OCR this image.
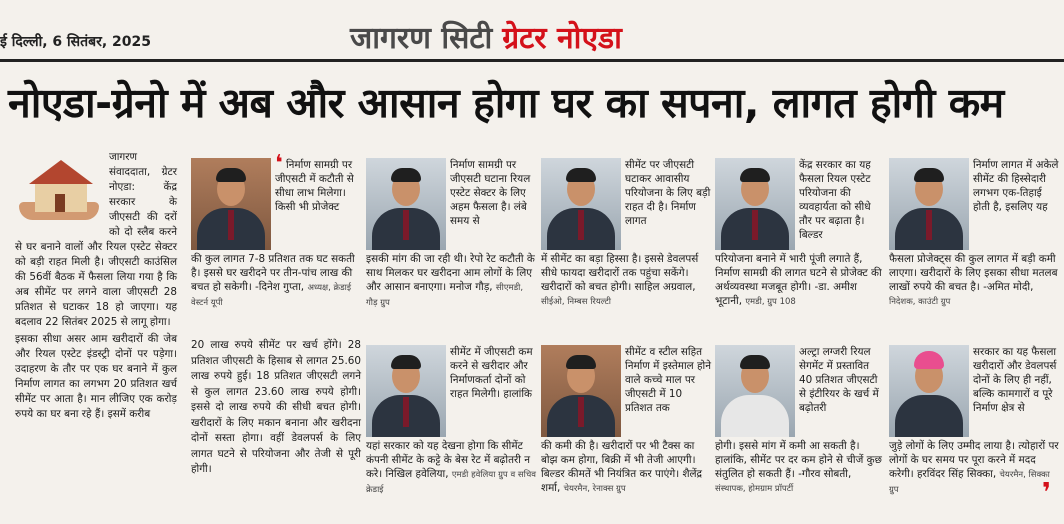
ई दिल्ली, 6 सितंबर, 2025	जागरण सिटी ग्रेटर नोएडा
नोएडा-ग्रेनो में अब और आसान होगा घर का सपना, लागत होगी कम

जागरण संवाददाता, ग्रेटर नोएडा: केंद्र सरकार के जीएसटी की दरों को दो स्लैब करने से घर बनाने वालों और रियल एस्टेट सेक्टर को बड़ी राहत मिली है। जीएसटी काउंसिल की 56वीं बैठक में फैसला लिया गया है कि अब सीमेंट पर लगने वाला जीएसटी 28 प्रतिशत से घटाकर 18 हो जाएगा। यह बदलाव 22 सितंबर 2025 से लागू होगा।

इसका सीधा असर आम खरीदारों की जेब और रियल एस्टेट इंडस्ट्री दोनों पर पड़ेगा। उदाहरण के तौर पर एक घर बनाने में कुल निर्माण लागत का लगभग 20 प्रतिशत खर्च सीमेंट पर आता है। मान लीजिए एक करोड़ रुपये का घर बना रहे हैं। इसमें करीब

20 लाख रुपये सीमेंट पर खर्च होंगे। 28 प्रतिशत जीएसटी के हिसाब से लागत 25.60 लाख रुपये हुई। 18 प्रतिशत जीएसटी लगने से कुल लागत 23.60 लाख रुपये होगी। इससे दो लाख रुपये की सीधी बचत होगी। खरीदारों के लिए मकान बनाना और खरीदना दोनों सस्ता होगा। वहीं डेवलपर्स के लिए लागत घटने से परियोजना और तेजी से पूरी होगी।
❛ निर्माण सामग्री पर जीएसटी में कटौती से सीधा लाभ मिलेगा। किसी भी प्रोजेक्ट
की कुल लागत 7-8 प्रतिशत तक घट सकती है। इससे घर खरीदने पर तीन-पांच लाख की बचत हो सकेगी। -दिनेश गुप्ता, अध्यक्ष, क्रेडाई वेस्टर्न यूपी
निर्माण सामग्री पर जीएसटी घटाना रियल एस्टेट सेक्टर के लिए अहम फैसला है। लंबे समय से
इसकी मांग की जा रही थी। रेपो रेट कटौती के साथ मिलकर घर खरीदना आम लोगों के लिए और आसान बनाएगा। मनोज गौड़, सीएमडी, गौड़ ग्रुप
सीमेंट पर जीएसटी घटाकर आवासीय परियोजना के लिए बड़ी राहत दी है। निर्माण लागत
में सीमेंट का बड़ा हिस्सा है। इससे डेवलपर्स सीधे फायदा खरीदारों तक पहुंचा सकेंगे। खरीदारों को बचत होगी। साहिल अग्रवाल, सीईओ, निम्बस रियल्टी
केंद्र सरकार का यह फैसला रियल एस्टेट परियोजना की व्यवहार्यता को सीधे तौर पर बढ़ाता है। बिल्डर
परियोजना बनाने में भारी पूंजी लगाते हैं, निर्माण सामग्री की लागत घटने से प्रोजेक्ट की अर्थव्यवस्था मजबूत होगी। -डा. अमीश भूटानी, एमडी, ग्रुप 108
निर्माण लागत में अकेले सीमेंट की हिस्सेदारी लगभग एक-तिहाई होती है, इसलिए यह
फैसला प्रोजेक्ट्स की कुल लागत में बड़ी कमी लाएगा। खरीदारों के लिए इसका सीधा मतलब लाखों रुपये की बचत है। -अमित मोदी, निदेशक, काउंटी ग्रुप
सीमेंट में जीएसटी कम करने से खरीदार और निर्माणकर्ता दोनों को राहत मिलेगी। हालांकि
यहां सरकार को यह देखना होगा कि सीमेंट कंपनी सीमेंट के कट्टे के बेस रेट में बढ़ोतरी न करे। निखिल हवेलिया, एमडी हवेलिया ग्रुप व सचिव क्रेडाई
सीमेंट व स्टील सहित निर्माण में इस्तेमाल होने वाले कच्चे माल पर जीएसटी में 10 प्रतिशत तक
की कमी की है। खरीदारों पर भी टैक्स का बोझ कम होगा, बिक्री में भी तेजी आएगी। बिल्डर कीमतें भी नियंत्रित कर पाएंगे। शैलेंद्र शर्मा, चेयरमैन, रेनाक्स ग्रुप
अल्ट्रा लग्जरी रियल सेगमेंट में प्रस्तावित 40 प्रतिशत जीएसटी से इंटीरियर के खर्च में बढ़ोतरी
होगी। इससे मांग में कमी आ सकती है। हालांकि, सीमेंट पर दर कम होने से चीजें कुछ संतुलित हो सकती हैं। -गौरव सोबती, संस्थापक, होमग्राम प्रॉपर्टी
सरकार का यह फैसला खरीदारों और डेवलपर्स दोनों के लिए ही नहीं, बल्कि कामगारों व पूरे निर्माण क्षेत्र से
जुड़े लोगों के लिए उम्मीद लाया है। त्योहारों पर लोगों के घर समय पर पूरा करने में मदद करेगी। हरविंदर सिंह सिक्का, चेयरमैन, सिक्का ग्रुप	❜
